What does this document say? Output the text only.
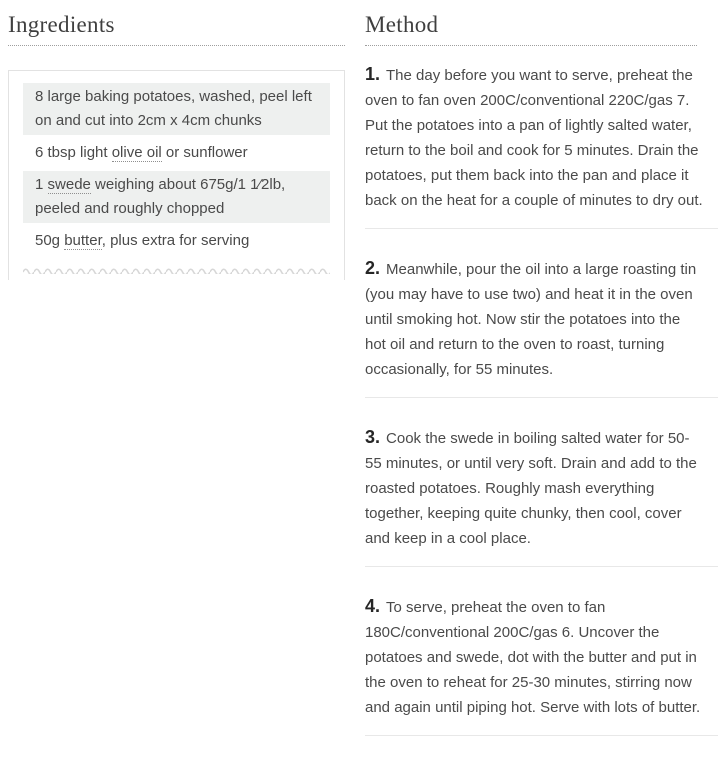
Ingredients
8 large baking potatoes, washed, peel left on and cut into 2cm x 4cm chunks
6 tbsp light olive oil or sunflower
1 swede weighing about 675g/1 1⁄2lb, peeled and roughly chopped
50g butter, plus extra for serving
Method

1. The day before you want to serve, preheat the oven to fan oven 200C/conventional 220C/gas 7. Put the potatoes into a pan of lightly salted water, return to the boil and cook for 5 minutes. Drain the potatoes, put them back into the pan and place it back on the heat for a couple of minutes to dry out.

2. Meanwhile, pour the oil into a large roasting tin (you may have to use two) and heat it in the oven until smoking hot. Now stir the potatoes into the hot oil and return to the oven to roast, turning occasionally, for 55 minutes.

3. Cook the swede in boiling salted water for 50-55 minutes, or until very soft. Drain and add to the roasted potatoes. Roughly mash everything together, keeping quite chunky, then cool, cover and keep in a cool place.

4. To serve, preheat the oven to fan 180C/conventional 200C/gas 6. Uncover the potatoes and swede, dot with the butter and put in the oven to reheat for 25-30 minutes, stirring now and again until piping hot. Serve with lots of butter.
